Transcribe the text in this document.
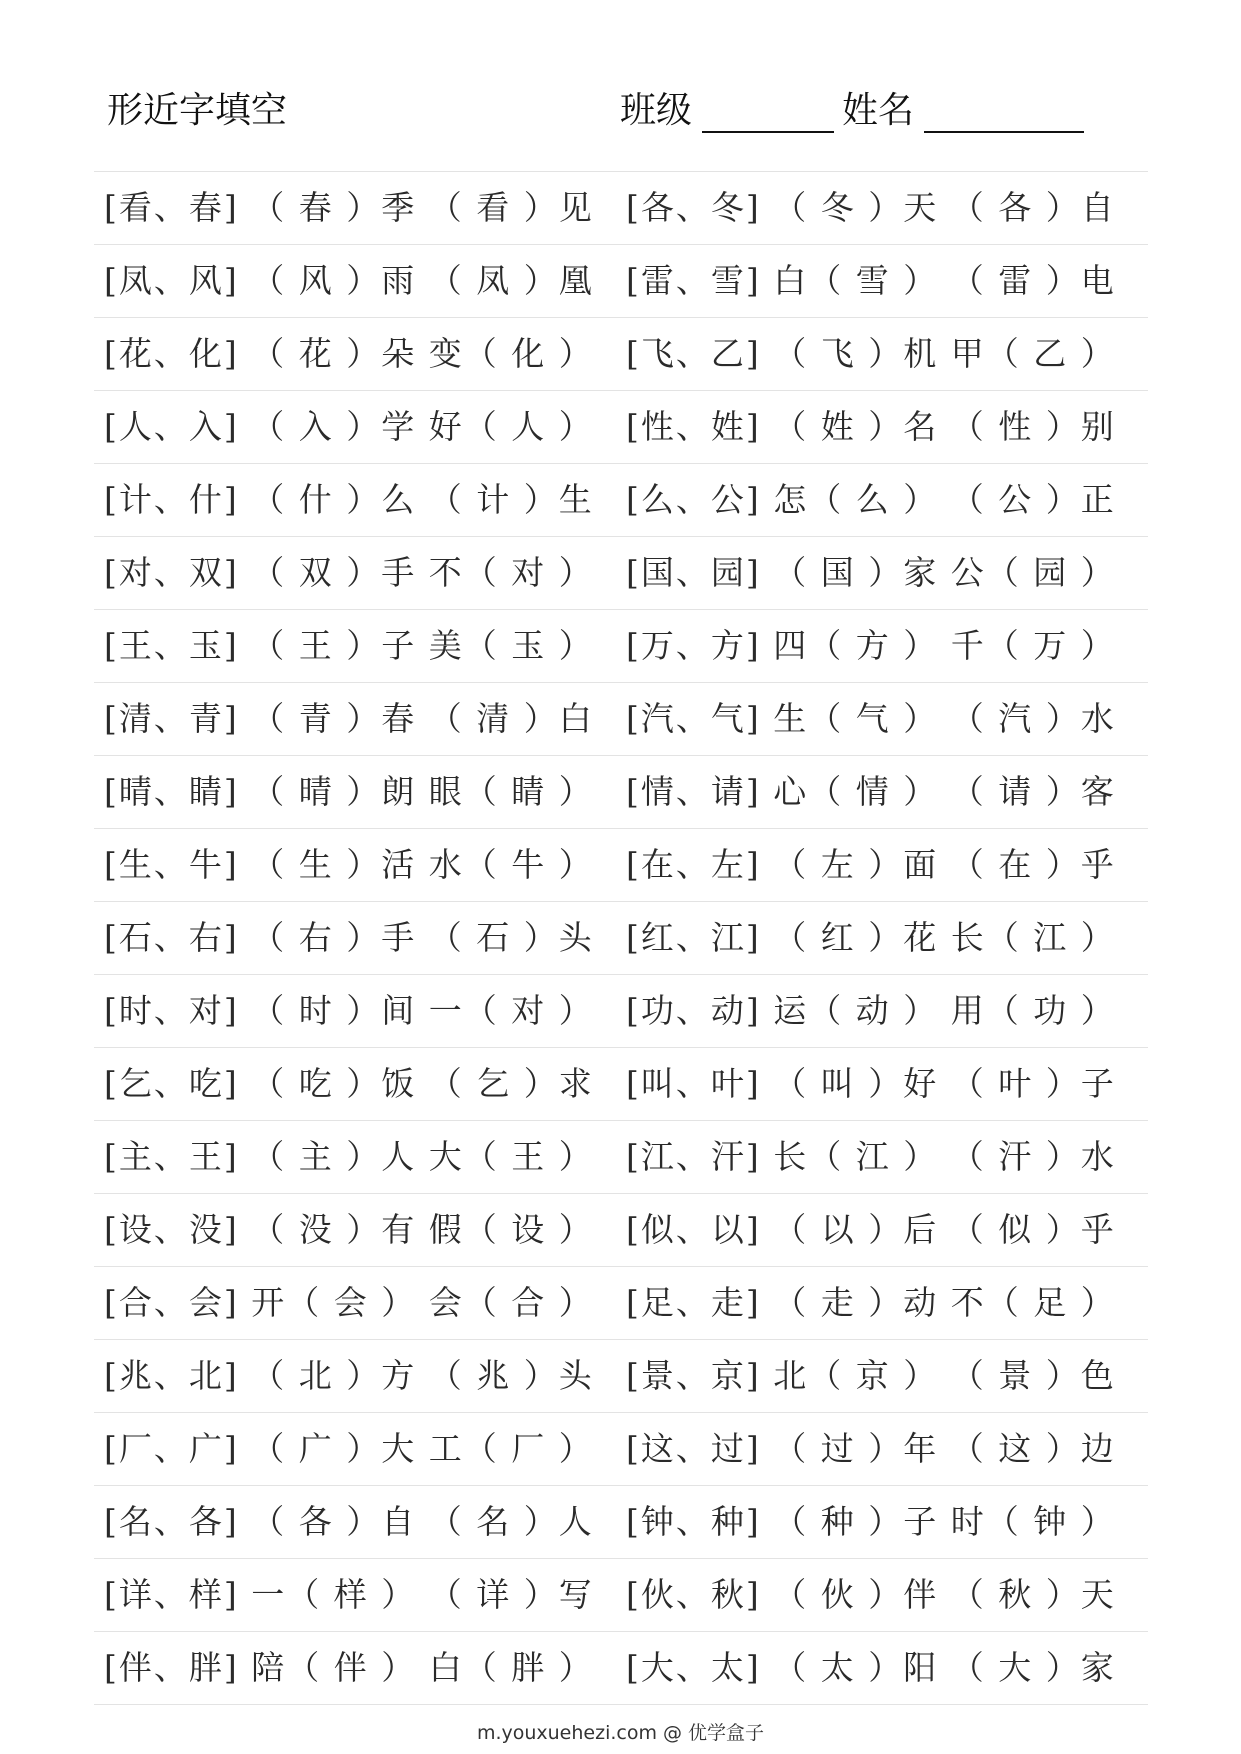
形近字填空	班级	姓名
[看、春] （ 春 ）季 （ 看 ）见 [各、冬] （ 冬 ）天 （ 各 ）自
[凤、风] （ 风 ）雨 （ 凤 ）凰 [雷、雪] 白（ 雪 ） （ 雷 ）电
[花、化] （ 花 ）朵 变（ 化 ） [飞、乙] （ 飞 ）机 甲（ 乙 ）
[人、入] （ 入 ）学 好（ 人 ） [性、姓] （ 姓 ）名 （ 性 ）别
[计、什] （ 什 ）么 （ 计 ）生 [么、公] 怎（ 么 ） （ 公 ）正
[对、双] （ 双 ）手 不（ 对 ） [国、园] （ 国 ）家 公（ 园 ）
[王、玉] （ 王 ）子 美（ 玉 ） [万、方] 四（ 方 ） 千（ 万 ）
[清、青] （ 青 ）春 （ 清 ）白 [汽、气] 生（ 气 ） （ 汽 ）水
[晴、睛] （ 晴 ）朗 眼（ 睛 ） [情、请] 心（ 情 ） （ 请 ）客
[生、牛] （ 生 ）活 水（ 牛 ） [在、左] （ 左 ）面 （ 在 ）乎
[石、右] （ 右 ）手 （ 石 ）头 [红、江] （ 红 ）花 长（ 江 ）
[时、对] （ 时 ）间 一（ 对 ） [功、动] 运（ 动 ） 用（ 功 ）
[乞、吃] （ 吃 ）饭 （ 乞 ）求 [叫、叶] （ 叫 ）好 （ 叶 ）子
[主、王] （ 主 ）人 大（ 王 ） [江、汗] 长（ 江 ） （ 汗 ）水
[设、没] （ 没 ）有 假（ 设 ） [似、以] （ 以 ）后 （ 似 ）乎
[合、会] 开（ 会 ） 会（ 合 ） [足、走] （ 走 ）动 不（ 足 ）
[兆、北] （ 北 ）方 （ 兆 ）头 [景、京] 北（ 京 ） （ 景 ）色
[厂、广] （ 广 ）大 工（ 厂 ） [这、过] （ 过 ）年 （ 这 ）边
[名、各] （ 各 ）自 （ 名 ）人 [钟、种] （ 种 ）子 时（ 钟 ）
[详、样] 一（ 样 ） （ 详 ）写 [伙、秋] （ 伙 ）伴 （ 秋 ）天
[伴、胖] 陪（ 伴 ） 白（ 胖 ） [大、太] （ 太 ）阳 （ 大 ）家
m.youxuehezi.com @ 优学盒子
